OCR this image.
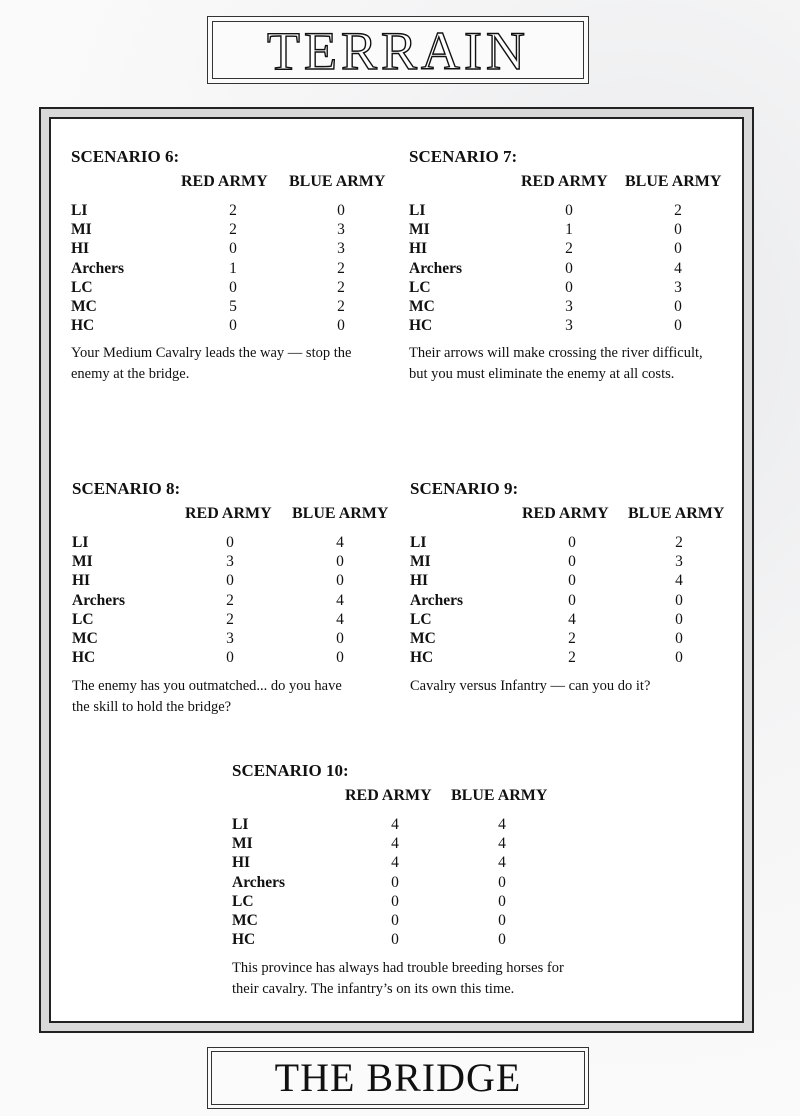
TERRAIN
SCENARIO 6:
RED ARMY BLUE ARMY
LI	2	0
MI	2	3
HI	0	3
Archers	1	2
LC	0	2
MC	5	2
HC	0	0
Your Medium Cavalry leads the way — stop the
enemy at the bridge.
SCENARIO 7:
RED ARMY BLUE ARMY
LI	0	2
MI	1	0
HI	2	0
Archers	0	4
LC	0	3
MC	3	0
HC	3	0
Their arrows will make crossing the river difficult,
but you must eliminate the enemy at all costs.
SCENARIO 8:
RED ARMY BLUE ARMY
LI	0	4
MI	3	0
HI	0	0
Archers	2	4
LC	2	4
MC	3	0
HC	0	0
The enemy has you outmatched... do you have
the skill to hold the bridge?
SCENARIO 9:
RED ARMY BLUE ARMY
LI	0	2
MI	0	3
HI	0	4
Archers	0	0
LC	4	0
MC	2	0
HC	2	0
Cavalry versus Infantry — can you do it?
SCENARIO 10:
RED ARMY BLUE ARMY
LI	4	4
MI	4	4
HI	4	4
Archers	0	0
LC	0	0
MC	0	0
HC	0	0
This province has always had trouble breeding horses for
their cavalry. The infantry’s on its own this time.
THE BRIDGE
